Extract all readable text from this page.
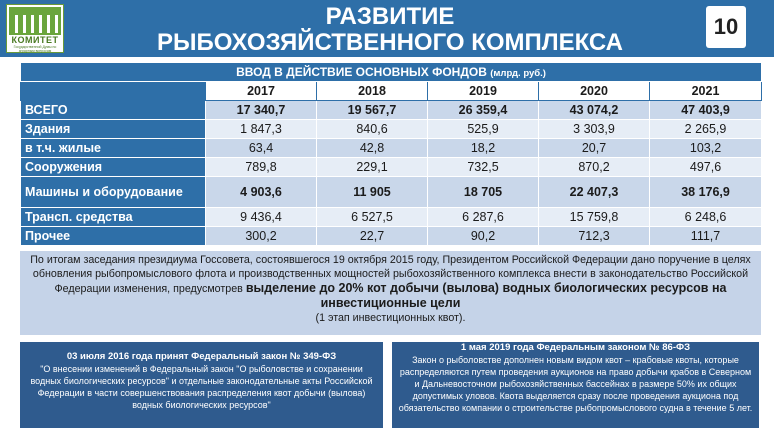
КОМИТЕТ
Государственной Думы по аграрным вопросам
РАЗВИТИЕ
РЫБОХОЗЯЙСТВЕННОГО КОМПЛЕКСА
10
ВВОД В ДЕЙСТВИЕ ОСНОВНЫХ ФОНДОВ (млрд. руб.)					
	2017	2018	2019	2020	2021
ВСЕГО	17 340,7	19 567,7	26 359,4	43 074,2	47 403,9
Здания	1 847,3	840,6	525,9	3 303,9	2 265,9
в т.ч. жилые	63,4	42,8	18,2	20,7	103,2
Сооружения	789,8	229,1	732,5	870,2	497,6
Машины и оборудование	4 903,6	11 905	18 705	22 407,3	38 176,9
Трансп. средства	9 436,4	6 527,5	6 287,6	15 759,8	6 248,6
Прочее	300,2	22,7	90,2	712,3	111,7
По итогам заседания президиума Госсовета, состоявшегося 19 октября 2015 году, Президентом Российской Федерации дано поручение в целях обновления рыбопромыслового флота и производственных мощностей рыбохозяйственного комплекса внести в законодательство Российской Федерации изменения, предусмотрев выделение до 20% кот добычи (вылова) водных биологических ресурсов на инвестиционные цели
(1 этап инвестиционных квот).
03 июля 2016 года принят Федеральный закон № 349-ФЗ
"О внесении изменений в Федеральный закон "О рыболовстве и сохранении водных биологических ресурсов" и отдельные законодательные акты Российской Федерации в части совершенствования распределения квот добычи (вылова) водных биологических ресурсов"
1 мая 2019 года Федеральным законом № 86-ФЗ
Закон о рыболовстве дополнен новым видом квот – крабовые квоты, которые распределяются путем проведения аукционов на право добычи крабов в Северном и Дальневосточном рыбохозяйственных бассейнах в размере 50% их общих допустимых уловов. Квота выделяется сразу после проведения аукциона под обязательство компании о строительстве рыбопромыслового судна в течение 5 лет.
